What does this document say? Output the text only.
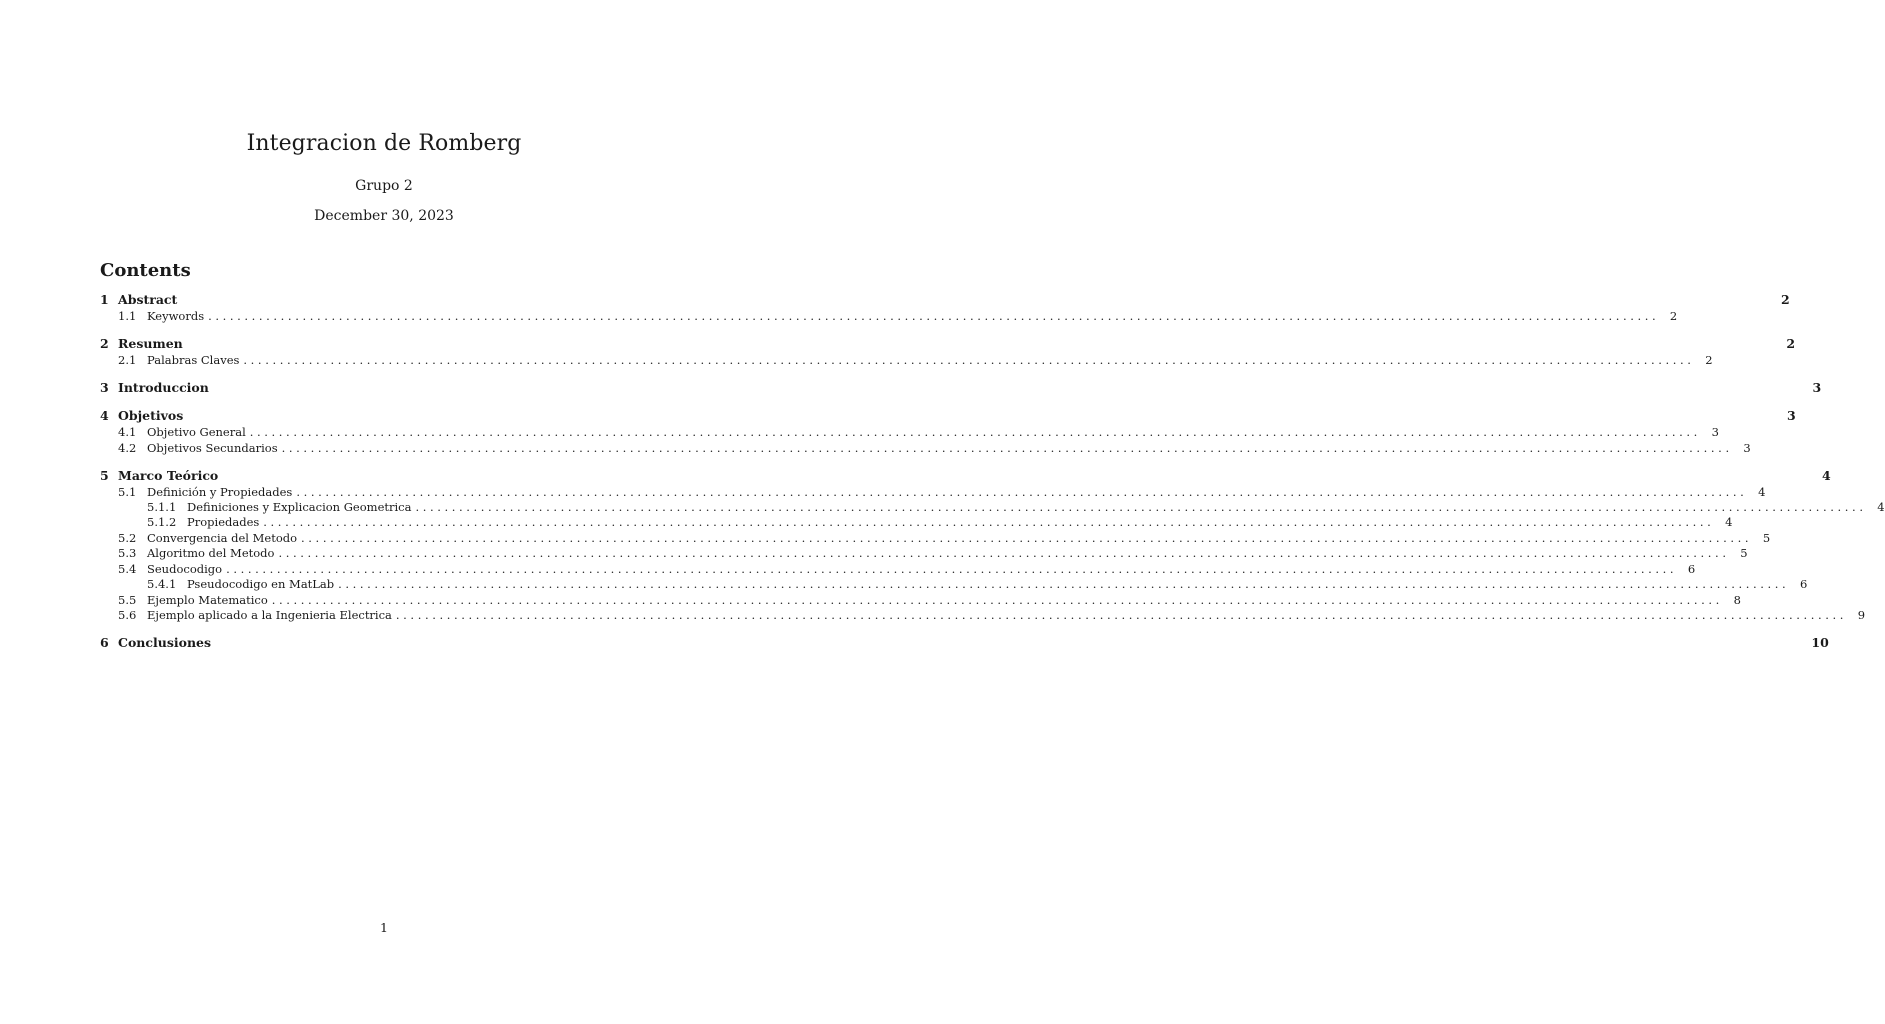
Integracion de Romberg
Grupo 2
December 30, 2023
Contents
1 Abstract	2
1.1 Keywords ........................................................................................................................................................................................................ 2
2 Resumen	2
2.1 Palabras Claves ........................................................................................................................................................................................................ 2
3 Introduccion	3
4 Objetivos	3
4.1 Objetivo General ........................................................................................................................................................................................................ 3
4.2 Objetivos Secundarios ........................................................................................................................................................................................................ 3
5 Marco Teórico	4
5.1 Definición y Propiedades ........................................................................................................................................................................................................ 4
5.1.1 Definiciones y Explicacion Geometrica ........................................................................................................................................................................................................ 4
5.1.2 Propiedades ........................................................................................................................................................................................................ 4
5.2 Convergencia del Metodo ........................................................................................................................................................................................................ 5
5.3 Algoritmo del Metodo ........................................................................................................................................................................................................ 5
5.4 Seudocodigo ........................................................................................................................................................................................................ 6
5.4.1 Pseudocodigo en MatLab ........................................................................................................................................................................................................ 6
5.5 Ejemplo Matematico ........................................................................................................................................................................................................ 8
5.6 Ejemplo aplicado a la Ingenieria Electrica ........................................................................................................................................................................................................ 9
6 Conclusiones	10
1
